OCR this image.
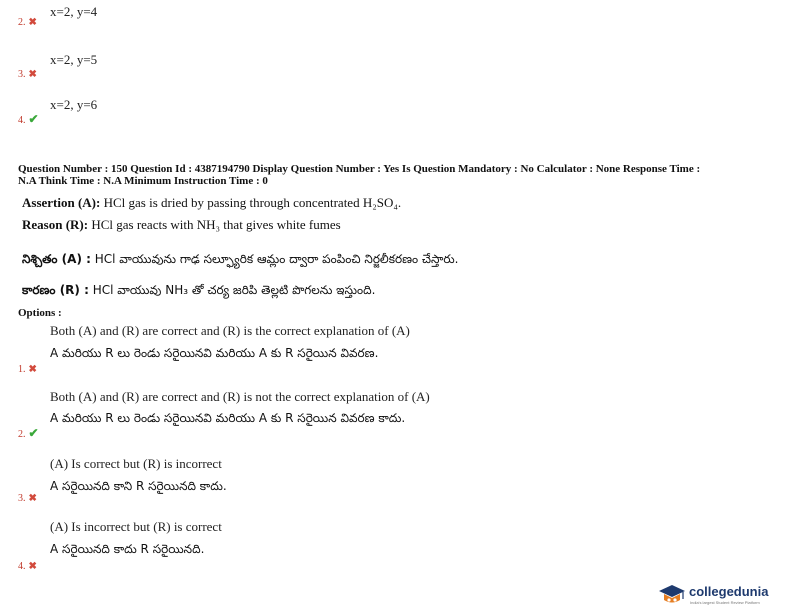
2. ✖
x=2, y=4
3. ✖
x=2, y=5
4. ✔
x=2, y=6
Question Number : 150 Question Id : 4387194790 Display Question Number : Yes Is Question Mandatory : No Calculator : None Response Time :
N.A Think Time : N.A Minimum Instruction Time : 0
Assertion (A): HCl gas is dried by passing through concentrated H₂SO₄.
Reason (R): HCl gas reacts with NH₃ that gives white fumes
నిశ్చితం (A) : HCl వాయువును గాఢ సల్ఫ్యూరిక ఆమ్లం ద్వారా పంపించి నిర్జలీకరణం చేస్తారు.
కారణం (R) : HCl వాయువు NH₃ తో చర్య జరిపి తెల్లటి పొగలను ఇస్తుంది.
Options :
Both (A) and (R) are correct and (R) is the correct explanation of (A)
A మరియు R లు రెండు సరైయినవి మరియు A కు R సరైయిన వివరణ.
1. ✖
Both (A) and (R) are correct and (R) is not the correct explanation of (A)
A మరియు R లు రెండు సరైయినవి మరియు A కు R సరైయిన వివరణ కాదు.
2. ✔
(A) Is correct but (R) is incorrect
A సరైయినది కాని R సరైయినది కాదు.
3. ✖
(A) Is incorrect but (R) is correct
A సరైయినది కాదు R సరైయినది.
4. ✖
collegedunia
India's largest Student Review Platform
